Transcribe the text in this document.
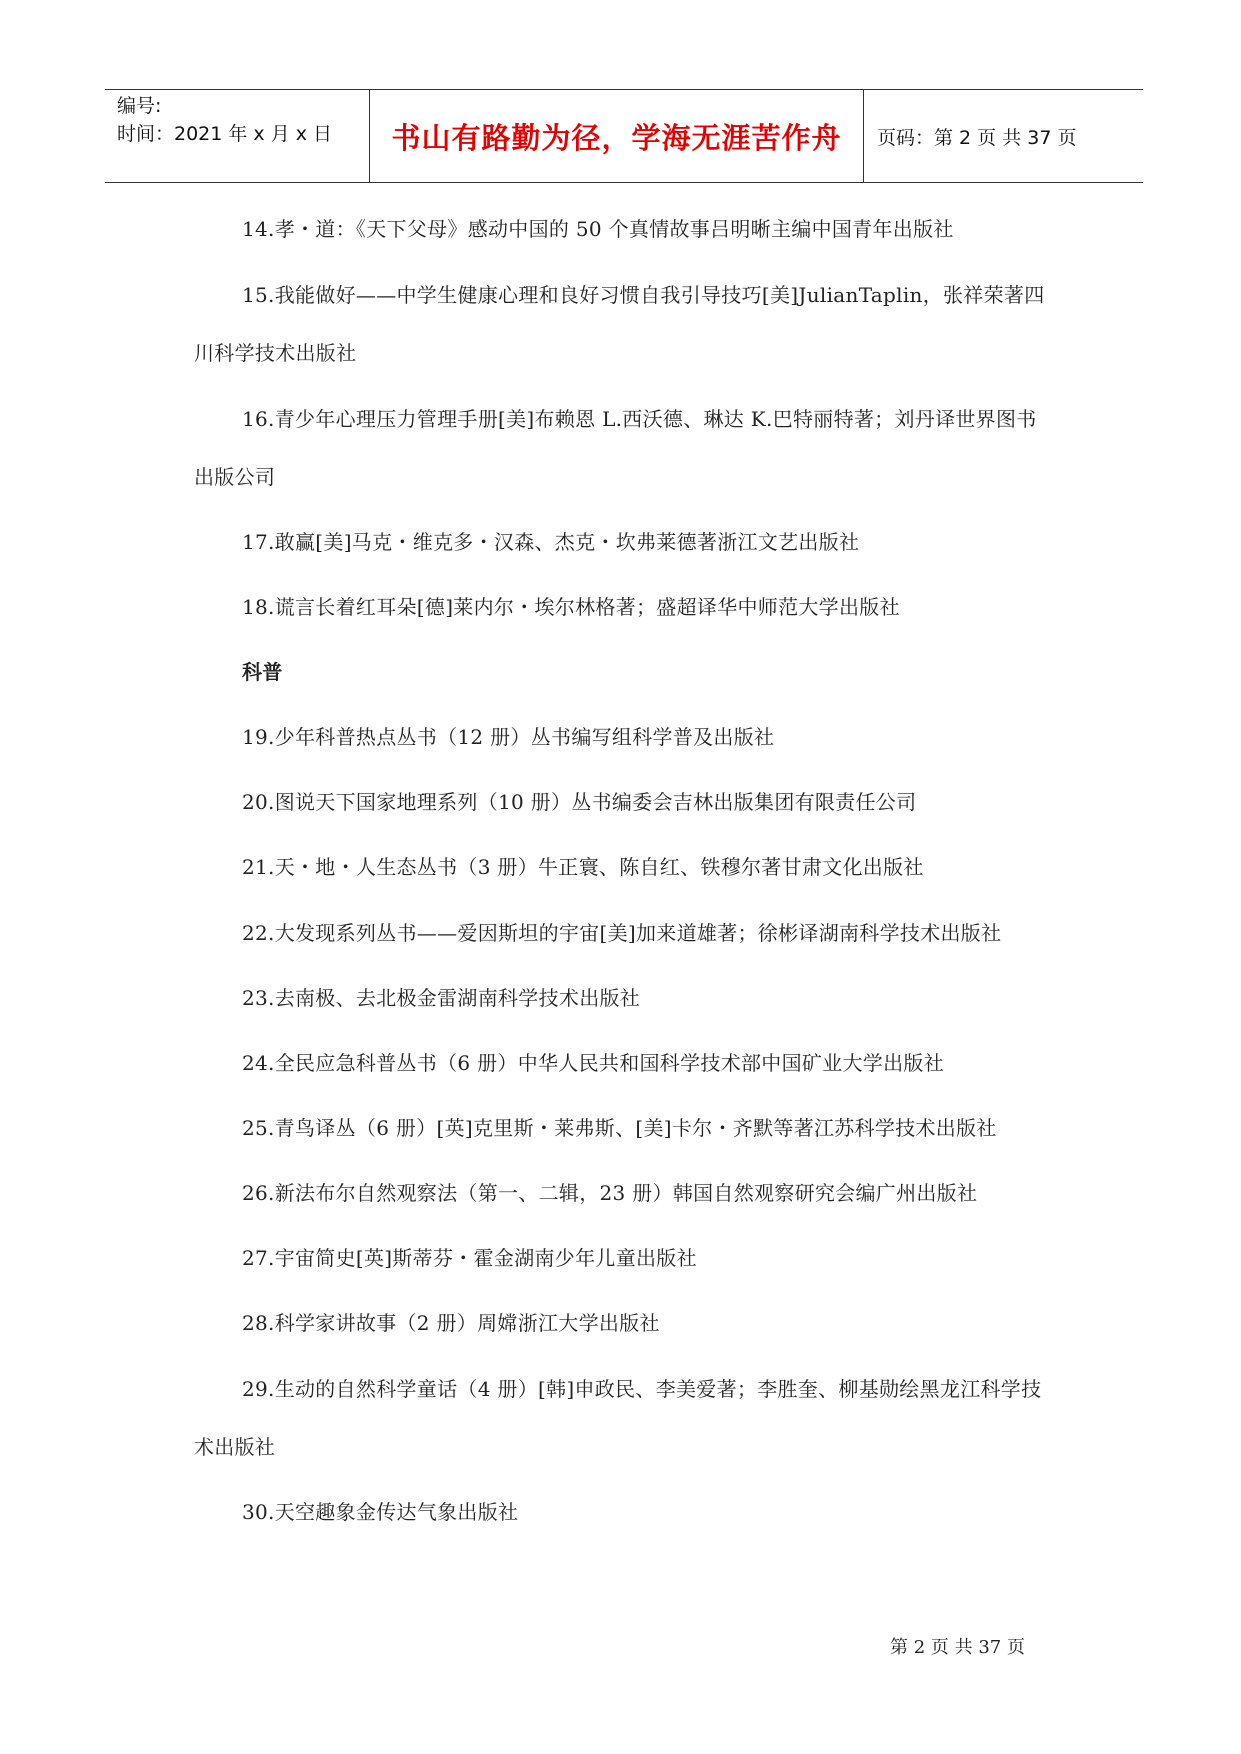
编号:
时间：2021 年 x 月 x 日	书山有路勤为径，学海无涯苦作舟	页码：第 2 页 共 37 页

14.孝・道：《天下父母》感动中国的 50 个真情故事吕明晰主编中国青年出版社

15.我能做好——中学生健康心理和良好习惯自我引导技巧[美]JulianTaplin，张祥荣著四川科学技术出版社

16.青少年心理压力管理手册[美]布赖恩 L.西沃德、琳达 K.巴特丽特著；刘丹译世界图书出版公司

17.敢赢[美]马克・维克多・汉森、杰克・坎弗莱德著浙江文艺出版社

18.谎言长着红耳朵[德]莱内尔・埃尔林格著；盛超译华中师范大学出版社

科普

19.少年科普热点丛书（12 册）丛书编写组科学普及出版社

20.图说天下国家地理系列（10 册）丛书编委会吉林出版集团有限责任公司

21.天・地・人生态丛书（3 册）牛正寰、陈自红、铁穆尔著甘肃文化出版社

22.大发现系列丛书——爱因斯坦的宇宙[美]加来道雄著；徐彬译湖南科学技术出版社

23.去南极、去北极金雷湖南科学技术出版社

24.全民应急科普丛书（6 册）中华人民共和国科学技术部中国矿业大学出版社

25.青鸟译丛（6 册）[英]克里斯・莱弗斯、[美]卡尔・齐默等著江苏科学技术出版社

26.新法布尔自然观察法（第一、二辑，23 册）韩国自然观察研究会编广州出版社

27.宇宙简史[英]斯蒂芬・霍金湖南少年儿童出版社

28.科学家讲故事（2 册）周嫦浙江大学出版社

29.生动的自然科学童话（4 册）[韩]申政民、李美爱著；李胜奎、柳基勋绘黑龙江科学技术出版社

30.天空趣象金传达气象出版社

第 2 页 共 37 页
